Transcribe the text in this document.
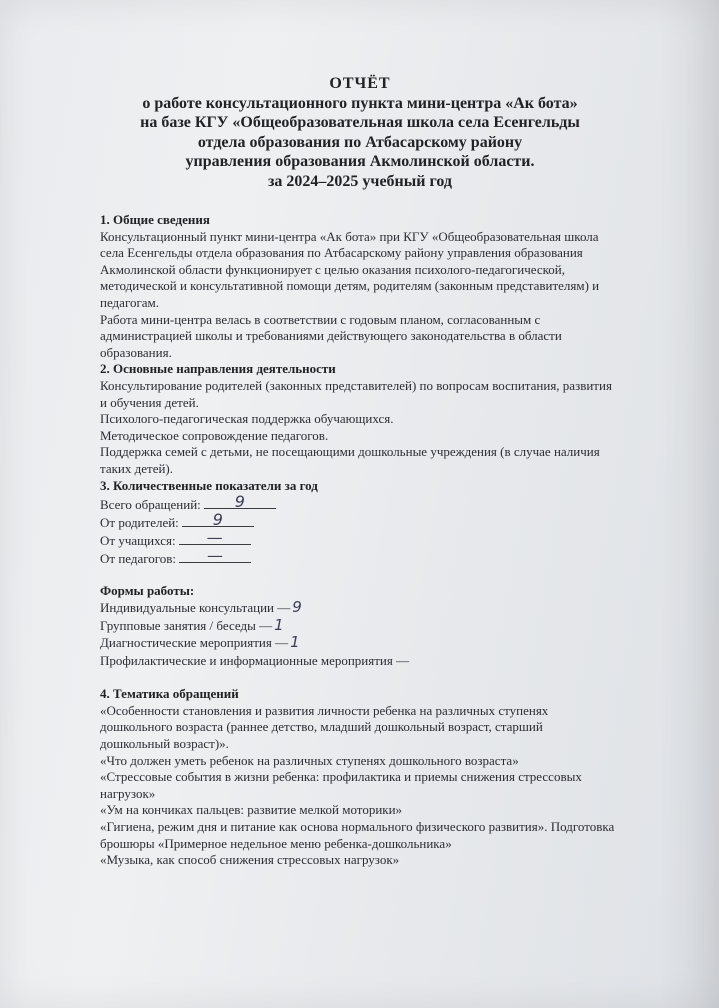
ОТЧЁТ
о работе консультационного пункта мини-центра «Ак бота»
на базе КГУ «Общеобразовательная школа села Есенгельды
отдела образования по Атбасарскому району
управления образования Акмолинской области.
за 2024–2025 учебный год
1. Общие сведения
Консультационный пункт мини-центра «Ак бота» при КГУ «Общеобразовательная школа
села Есенгельды отдела образования по Атбасарскому району управления образования
Акмолинской области функционирует с целью оказания психолого-педагогической,
методической и консультативной помощи детям, родителям (законным представителям) и
педагогам.
Работа мини-центра велась в соответствии с годовым планом, согласованным с
администрацией школы и требованиями действующего законодательства в области
образования.
2. Основные направления деятельности
Консультирование родителей (законных представителей) по вопросам воспитания, развития
и обучения детей.
Психолого-педагогическая поддержка обучающихся.
Методическое сопровождение педагогов.
Поддержка семей с детьми, не посещающими дошкольные учреждения (в случае наличия
таких детей).
3. Количественные показатели за год
Всего обращений:	9
От родителей:	9
От учащихся:	—
От педагогов:	—
Формы работы:
Индивидуальные консультации — 9
Групповые занятия / беседы — 1
Диагностические мероприятия — 1
Профилактические и информационные мероприятия —
4. Тематика обращений
«Особенности становления и развития личности ребенка на различных ступенях
дошкольного возраста (раннее детство, младший дошкольный возраст, старший
дошкольный возраст)».
«Что должен уметь ребенок на различных ступенях дошкольного возраста»
«Стрессовые события в жизни ребенка: профилактика и приемы снижения стрессовых
нагрузок»
«Ум на кончиках пальцев: развитие мелкой моторики»
«Гигиена, режим дня и питание как основа нормального физического развития». Подготовка
брошюры «Примерное недельное меню ребенка-дошкольника»
«Музыка, как способ снижения стрессовых нагрузок»
